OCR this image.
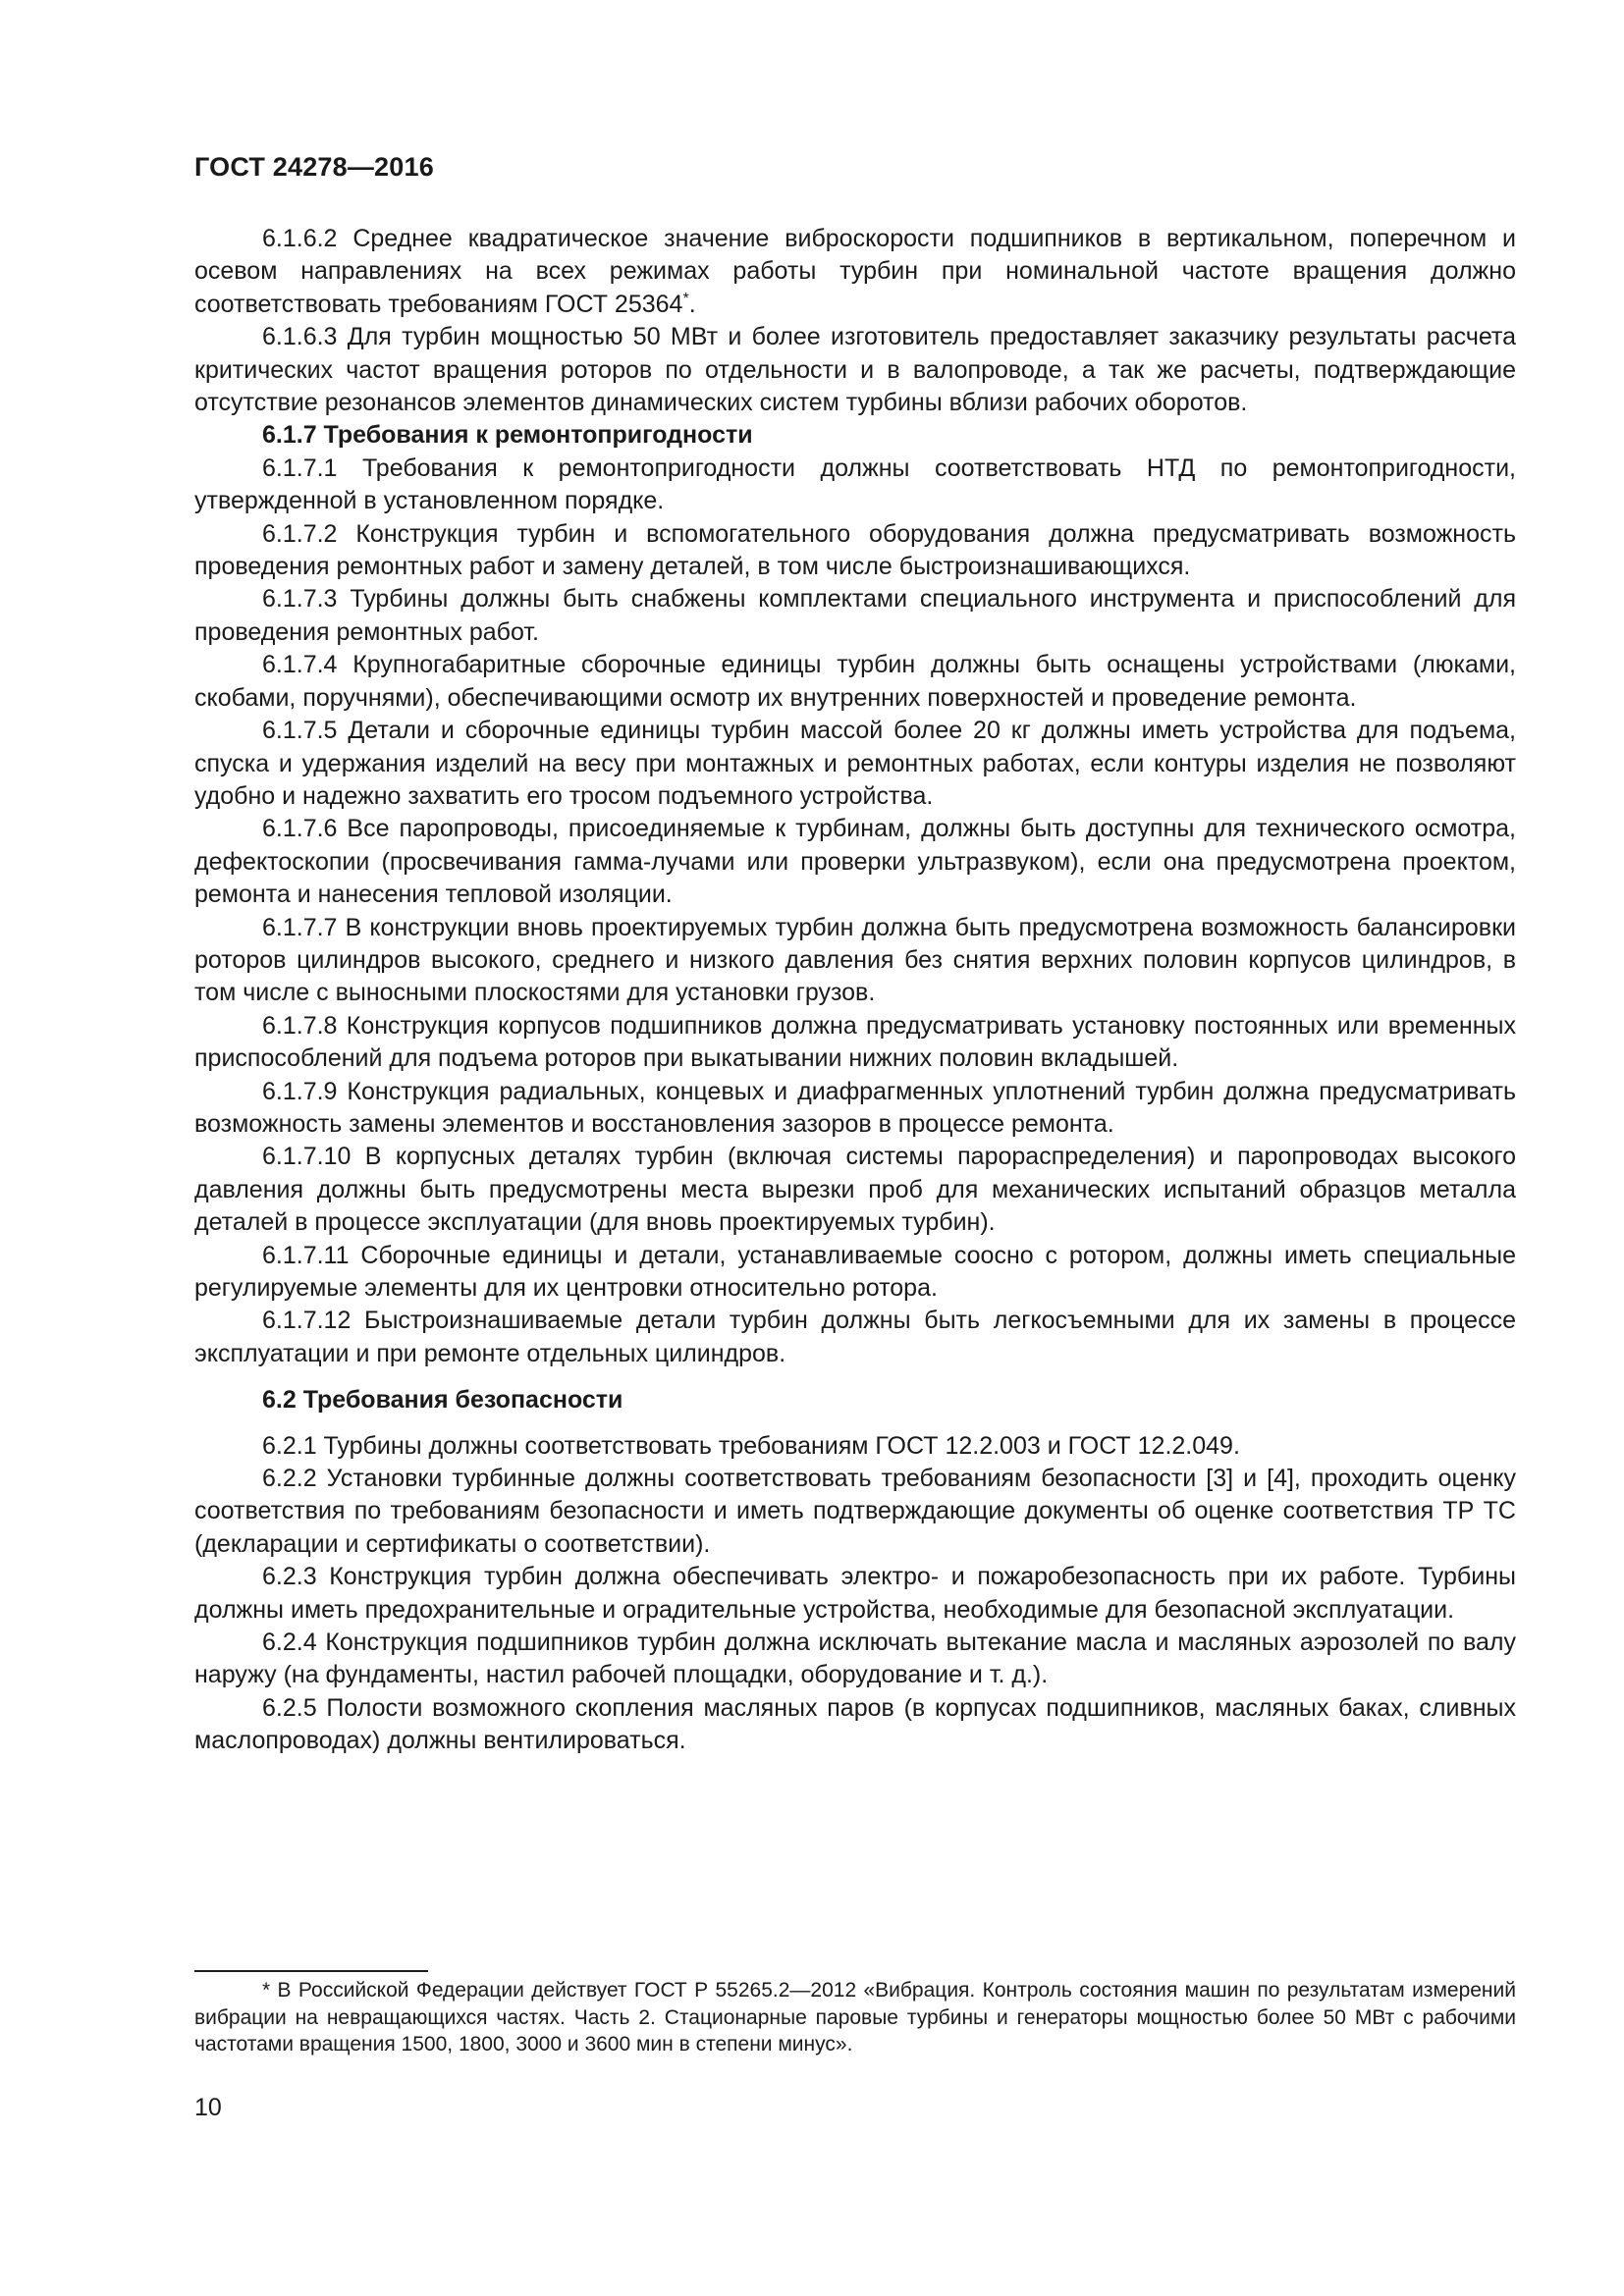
ГОСТ 24278—2016

6.1.6.2 Среднее квадратическое значение виброскорости подшипников в вертикальном, поперечном и осевом направлениях на всех режимах работы турбин при номинальной частоте вращения должно соответствовать требованиям ГОСТ 25364*.

6.1.6.3 Для турбин мощностью 50 МВт и более изготовитель предоставляет заказчику результаты расчета критических частот вращения роторов по отдельности и в валопроводе, а так же расчеты, подтверждающие отсутствие резонансов элементов динамических систем турбины вблизи рабочих оборотов.

6.1.7 Требования к ремонтопригодности

6.1.7.1 Требования к ремонтопригодности должны соответствовать НТД по ремонтопригодности, утвержденной в установленном порядке.

6.1.7.2 Конструкция турбин и вспомогательного оборудования должна предусматривать возможность проведения ремонтных работ и замену деталей, в том числе быстроизнашивающихся.

6.1.7.3 Турбины должны быть снабжены комплектами специального инструмента и приспособлений для проведения ремонтных работ.

6.1.7.4 Крупногабаритные сборочные единицы турбин должны быть оснащены устройствами (люками, скобами, поручнями), обеспечивающими осмотр их внутренних поверхностей и проведение ремонта.

6.1.7.5 Детали и сборочные единицы турбин массой более 20 кг должны иметь устройства для подъема, спуска и удержания изделий на весу при монтажных и ремонтных работах, если контуры изделия не позволяют удобно и надежно захватить его тросом подъемного устройства.

6.1.7.6 Все паропроводы, присоединяемые к турбинам, должны быть доступны для технического осмотра, дефектоскопии (просвечивания гамма-лучами или проверки ультразвуком), если она предусмотрена проектом, ремонта и нанесения тепловой изоляции.

6.1.7.7 В конструкции вновь проектируемых турбин должна быть предусмотрена возможность балансировки роторов цилиндров высокого, среднего и низкого давления без снятия верхних половин корпусов цилиндров, в том числе с выносными плоскостями для установки грузов.

6.1.7.8 Конструкция корпусов подшипников должна предусматривать установку постоянных или временных приспособлений для подъема роторов при выкатывании нижних половин вкладышей.

6.1.7.9 Конструкция радиальных, концевых и диафрагменных уплотнений турбин должна предусматривать возможность замены элементов и восстановления зазоров в процессе ремонта.

6.1.7.10 В корпусных деталях турбин (включая системы парораспределения) и паропроводах высокого давления должны быть предусмотрены места вырезки проб для механических испытаний образцов металла деталей в процессе эксплуатации (для вновь проектируемых турбин).

6.1.7.11 Сборочные единицы и детали, устанавливаемые соосно с ротором, должны иметь специальные регулируемые элементы для их центровки относительно ротора.

6.1.7.12 Быстроизнашиваемые детали турбин должны быть легкосъемными для их замены в процессе эксплуатации и при ремонте отдельных цилиндров.

6.2 Требования безопасности

6.2.1 Турбины должны соответствовать требованиям ГОСТ 12.2.003 и ГОСТ 12.2.049.

6.2.2 Установки турбинные должны соответствовать требованиям безопасности [3] и [4], проходить оценку соответствия по требованиям безопасности и иметь подтверждающие документы об оценке соответствия ТР ТС (декларации и сертификаты о соответствии).

6.2.3 Конструкция турбин должна обеспечивать электро- и пожаробезопасность при их работе. Турбины должны иметь предохранительные и оградительные устройства, необходимые для безопасной эксплуатации.

6.2.4 Конструкция подшипников турбин должна исключать вытекание масла и масляных аэрозолей по валу наружу (на фундаменты, настил рабочей площадки, оборудование и т. д.).

6.2.5 Полости возможного скопления масляных паров (в корпусах подшипников, масляных баках, сливных маслопроводах) должны вентилироваться.

* В Российской Федерации действует ГОСТ Р 55265.2—2012 «Вибрация. Контроль состояния машин по результатам измерений вибрации на невращающихся частях. Часть 2. Стационарные паровые турбины и генераторы мощностью более 50 МВт с рабочими частотами вращения 1500, 1800, 3000 и 3600 мин в степени минус».

10
